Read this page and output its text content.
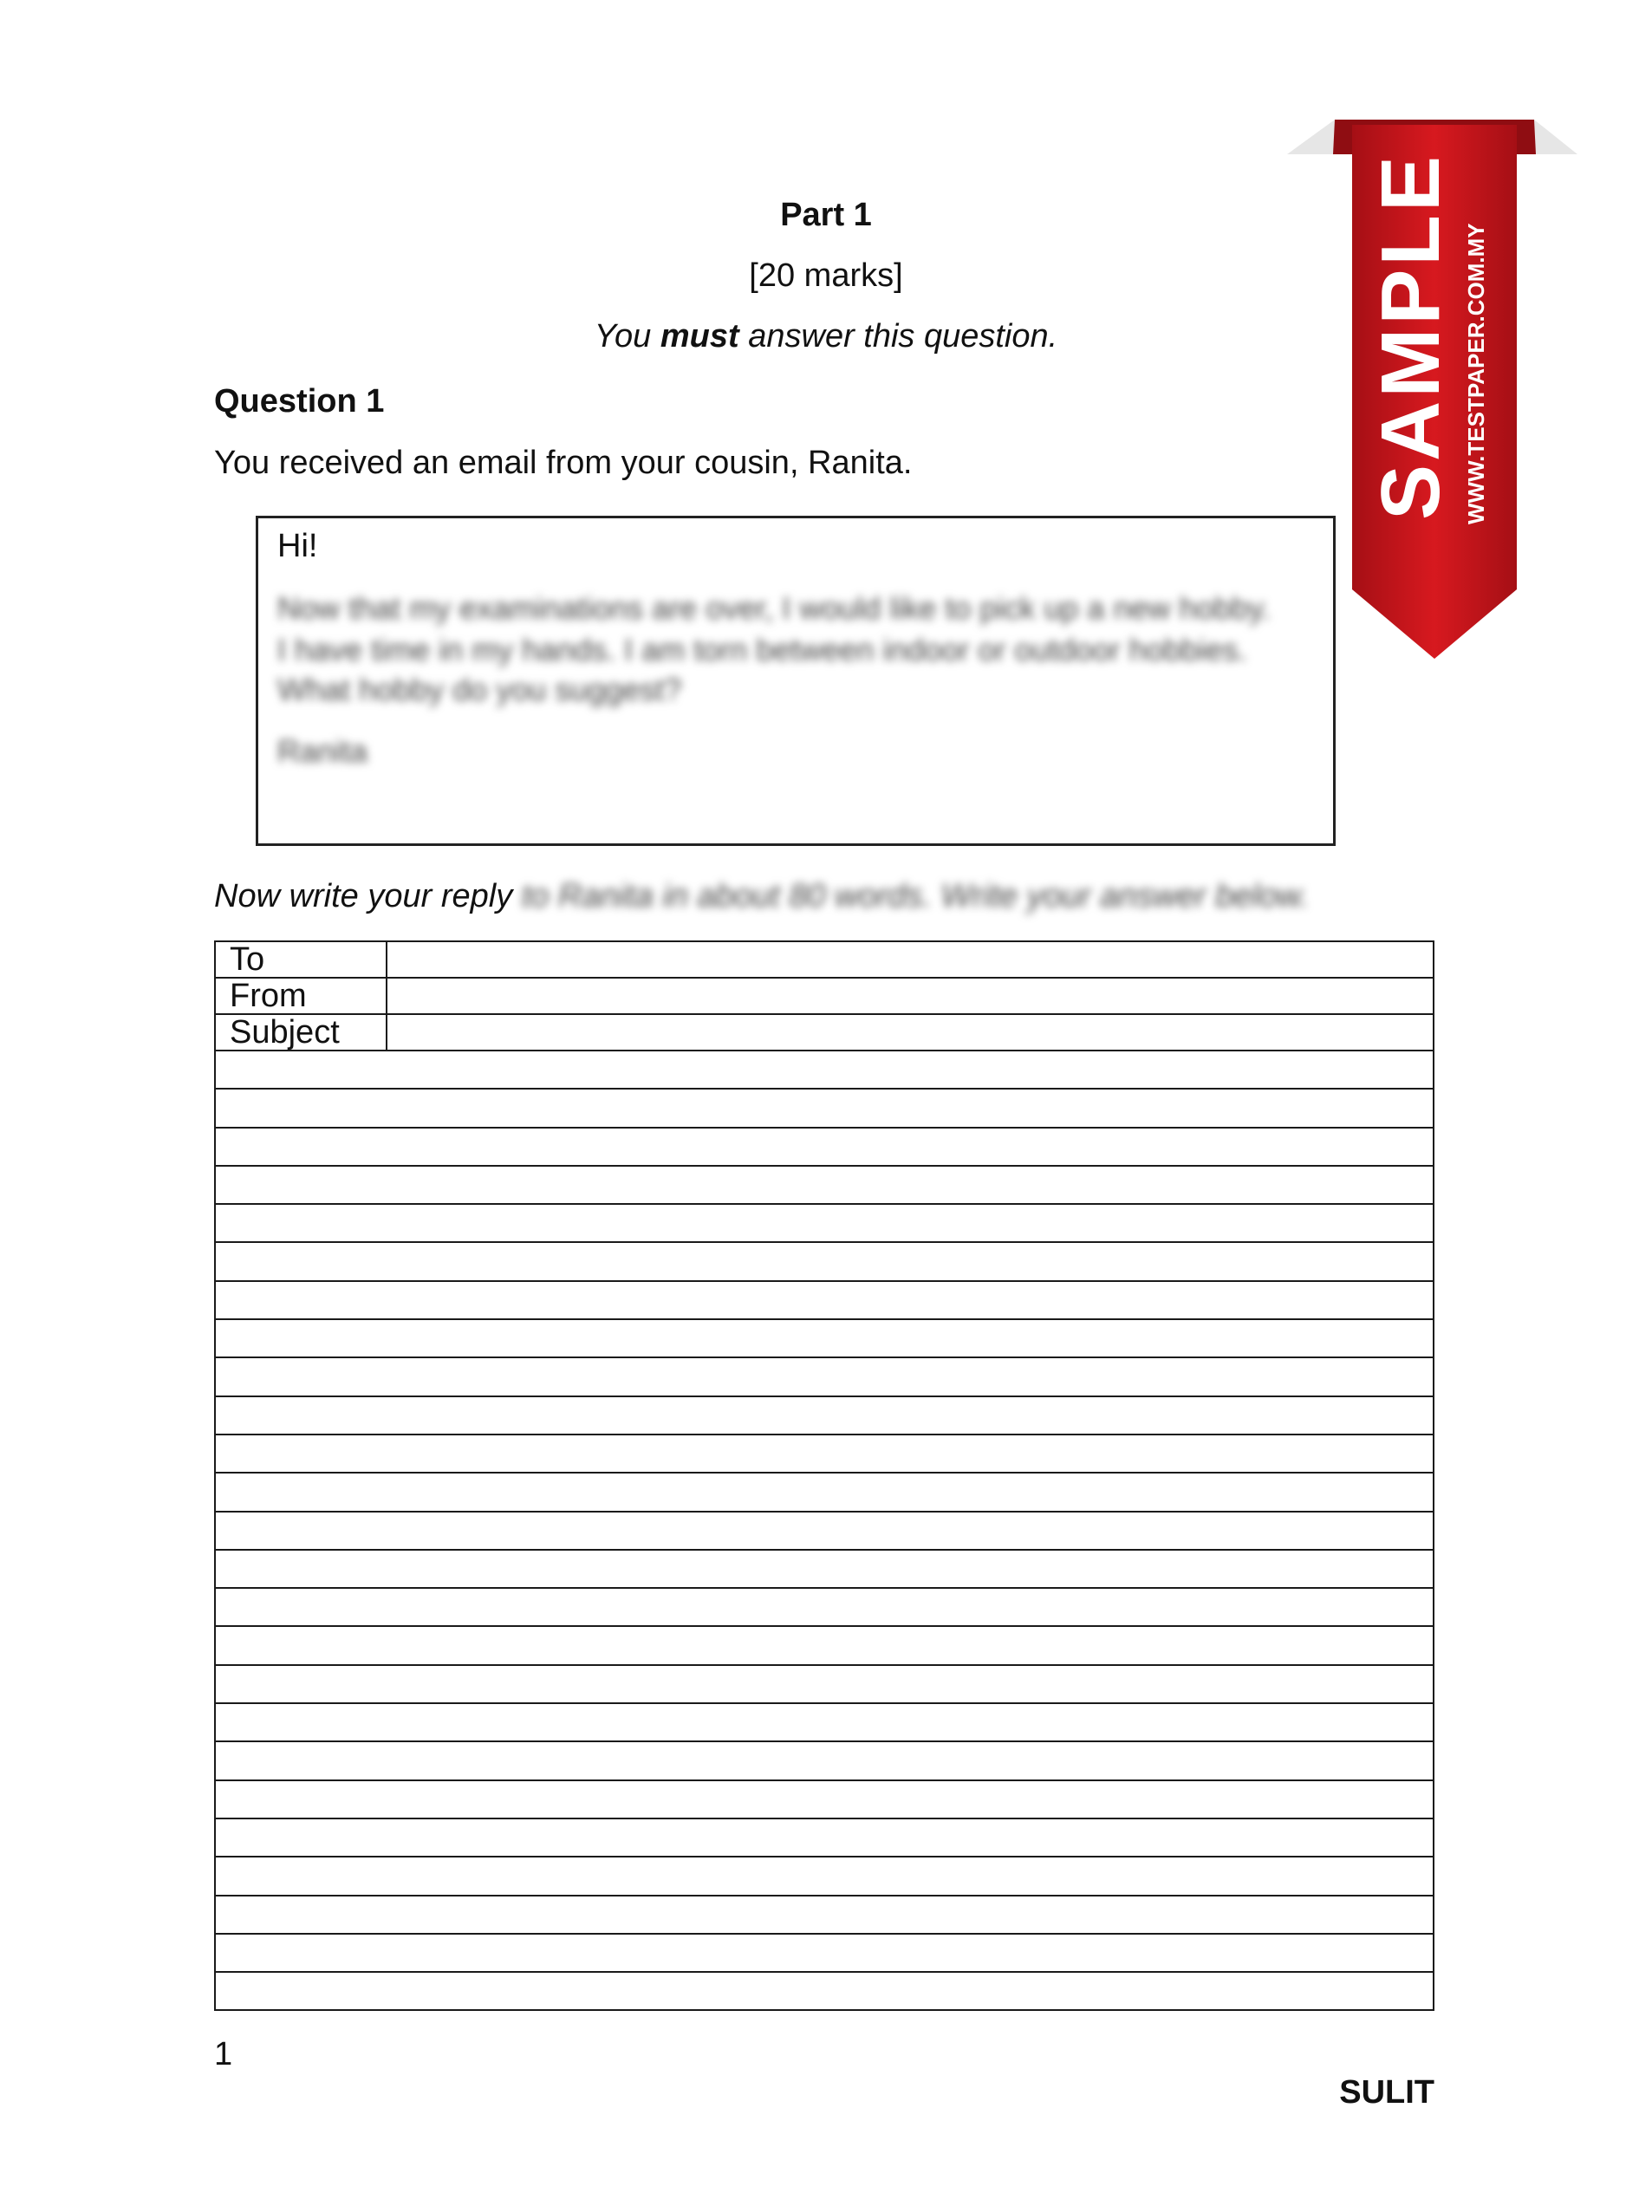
Part 1
[20 marks]
You must answer this question.
Question 1
You received an email from your cousin, Ranita.
Hi!
Now that my examinations are over, I would like to pick up a new hobby.
I have time in my hands. I am torn between indoor or outdoor hobbies.
What hobby do you suggest?
Ranita
Now write your reply to Ranita in about 80 words. Write your answer below.
To	
From	
Subject	

1
SULIT
SAMPLE WWW.TESTPAPER.COM.MY
